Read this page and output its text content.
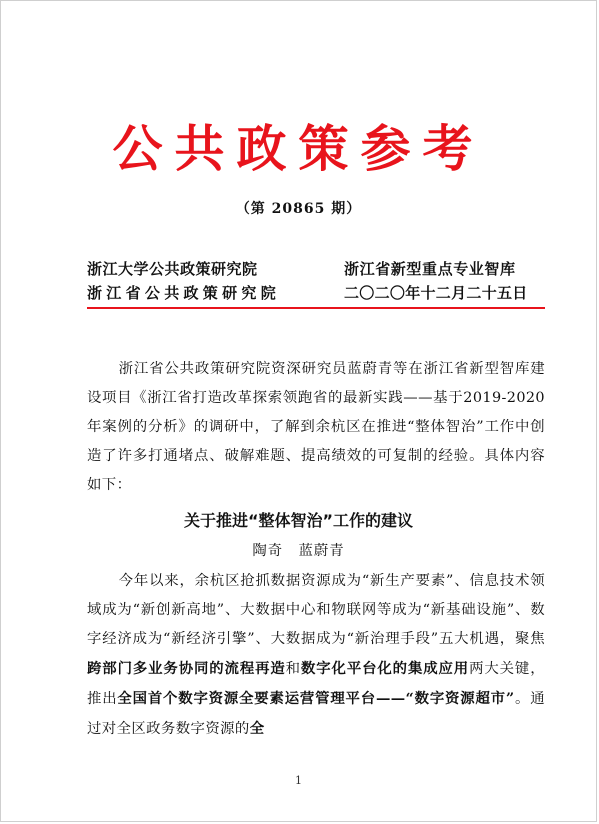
公共政策参考
（第 20865 期）
浙江大学公共政策研究院
浙江省公共政策研究院
浙江省新型重点专业智库
二〇二〇年十二月二十五日
浙江省公共政策研究院资深研究员蓝蔚青等在浙江省新型智库建设项目《浙江省打造改革探索领跑省的最新实践——基于2019-2020年案例的分析》的调研中，了解到余杭区在推进“整体智治”工作中创造了许多打通堵点、破解难题、提高绩效的可复制的经验。具体内容如下：
关于推进“整体智治”工作的建议
陶奇　蓝蔚青
今年以来，余杭区抢抓数据资源成为“新生产要素”、信息技术领域成为“新创新高地”、大数据中心和物联网等成为“新基础设施”、数字经济成为“新经济引擎”、大数据成为“新治理手段”五大机遇，聚焦跨部门多业务协同的流程再造和数字化平台化的集成应用两大关键，推出全国首个数字资源全要素运营管理平台——“数字资源超市”。通过对全区政务数字资源的全
1
